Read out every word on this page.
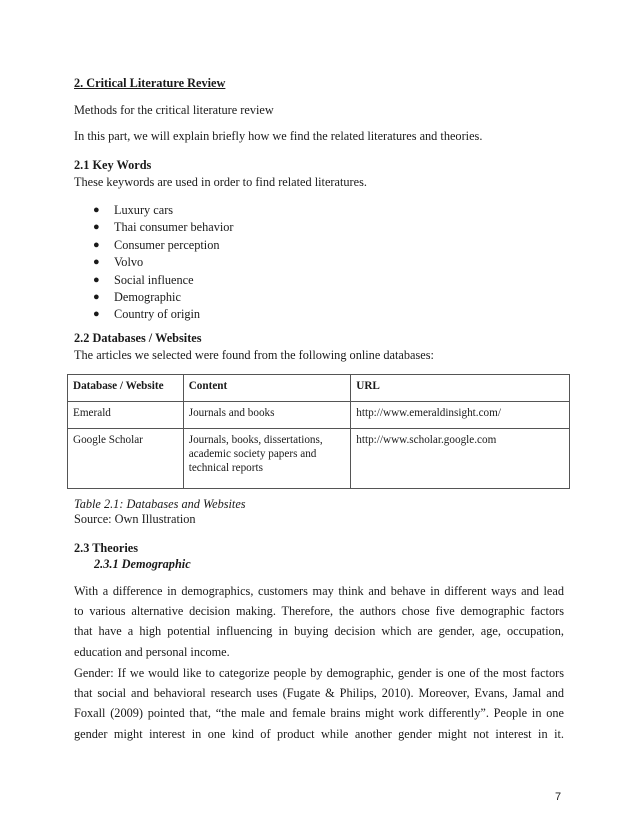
2. Critical Literature Review
Methods for the critical literature review
In this part, we will explain briefly how we find the related literatures and theories.
2.1 Key Words
These keywords are used in order to find related literatures.
● Luxury cars
● Thai consumer behavior
● Consumer perception
● Volvo
● Social influence
● Demographic
● Country of origin
2.2 Databases / Websites
The articles we selected were found from the following online databases:
Database / Website	Content	URL
Emerald	Journals and books	http://www.emeraldinsight.com/
Google Scholar	Journals, books, dissertations, academic society papers and technical reports	http://www.scholar.google.com
Table 2.1: Databases and Websites
Source: Own Illustration
2.3 Theories
2.3.1 Demographic
With a difference in demographics, customers may think and behave in different ways and lead
to various alternative decision making. Therefore, the authors chose five demographic factors
that have a high potential influencing in buying decision which are gender, age, occupation,
education and personal income.
Gender: If we would like to categorize people by demographic, gender is one of the most factors
that social and behavioral research uses (Fugate & Philips, 2010). Moreover, Evans, Jamal and
Foxall (2009) pointed that, “the male and female brains might work differently”. People in one
gender might interest in one kind of product while another gender might not interest in it.
7
